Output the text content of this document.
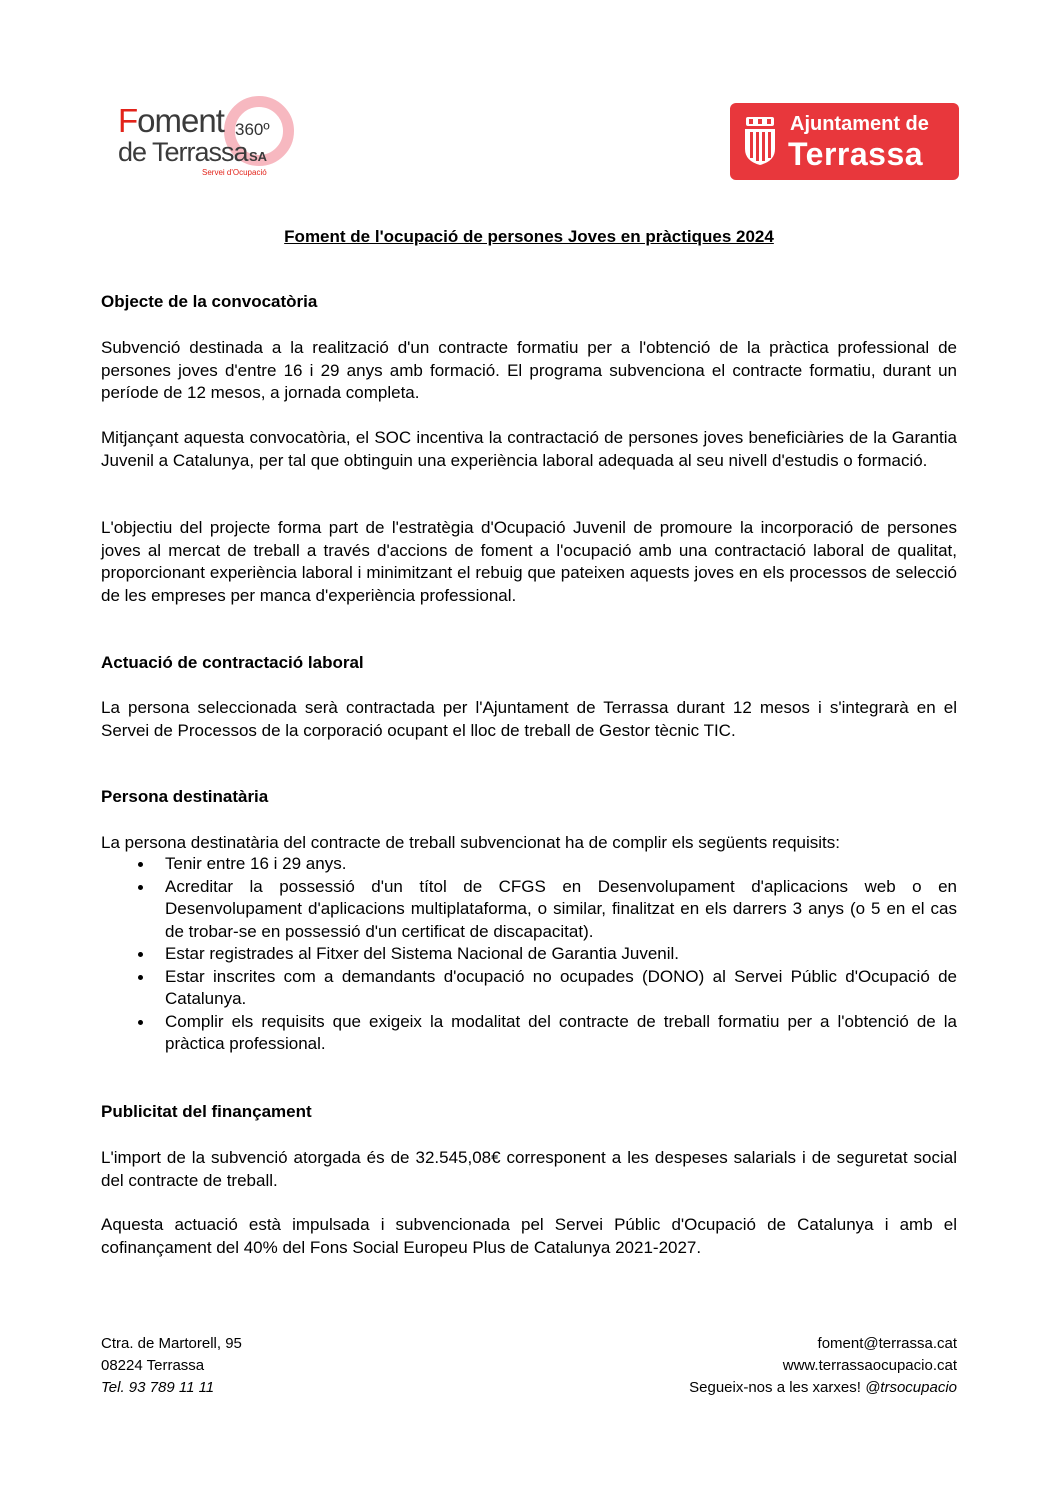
Foment 360º
de Terrassa SA
Servei d'Ocupació
Ajuntament de
Terrassa
Foment de l'ocupació de persones Joves en pràctiques 2024
Objecte de la convocatòria

Subvenció destinada a la realització d'un contracte formatiu per a l'obtenció de la pràctica professional de persones joves d'entre 16 i 29 anys amb formació. El programa subvenciona el contracte formatiu, durant un període de 12 mesos, a jornada completa.

Mitjançant aquesta convocatòria, el SOC incentiva la contractació de persones joves beneficiàries de la Garantia Juvenil a Catalunya, per tal que obtinguin una experiència laboral adequada al seu nivell d'estudis o formació.

L'objectiu del projecte forma part de l'estratègia d'Ocupació Juvenil de promoure la incorporació de persones joves al mercat de treball a través d'accions de foment a l'ocupació amb una contractació laboral de qualitat, proporcionant experiència laboral i minimitzant el rebuig que pateixen aquests joves en els processos de selecció de les empreses per manca d'experiència professional.

Actuació de contractació laboral

La persona seleccionada serà contractada per l'Ajuntament de Terrassa durant 12 mesos i s'integrarà en el Servei de Processos de la corporació ocupant el lloc de treball de Gestor tècnic TIC.

Persona destinatària

La persona destinatària del contracte de treball subvencionat ha de complir els següents requisits:

Tenir entre 16 i 29 anys.
Acreditar la possessió d'un títol de CFGS en Desenvolupament d'aplicacions web o en Desenvolupament d'aplicacions multiplataforma, o similar, finalitzat en els darrers 3 anys (o 5 en el cas de trobar-se en possessió d'un certificat de discapacitat).
Estar registrades al Fitxer del Sistema Nacional de Garantia Juvenil.
Estar inscrites com a demandants d'ocupació no ocupades (DONO) al Servei Públic d'Ocupació de Catalunya.
Complir els requisits que exigeix la modalitat del contracte de treball formatiu per a l'obtenció de la pràctica professional.
Publicitat del finançament

L'import de la subvenció atorgada és de 32.545,08€ corresponent a les despeses salarials i de seguretat social del contracte de treball.

Aquesta actuació està impulsada i subvencionada pel Servei Públic d'Ocupació de Catalunya i amb el cofinançament del 40% del Fons Social Europeu Plus de Catalunya 2021-2027.

Ctra. de Martorell, 95
08224 Terrassa
Tel. 93 789 11 11
foment@terrassa.cat
www.terrassaocupacio.cat
Segueix-nos a les xarxes! @trsocupacio
